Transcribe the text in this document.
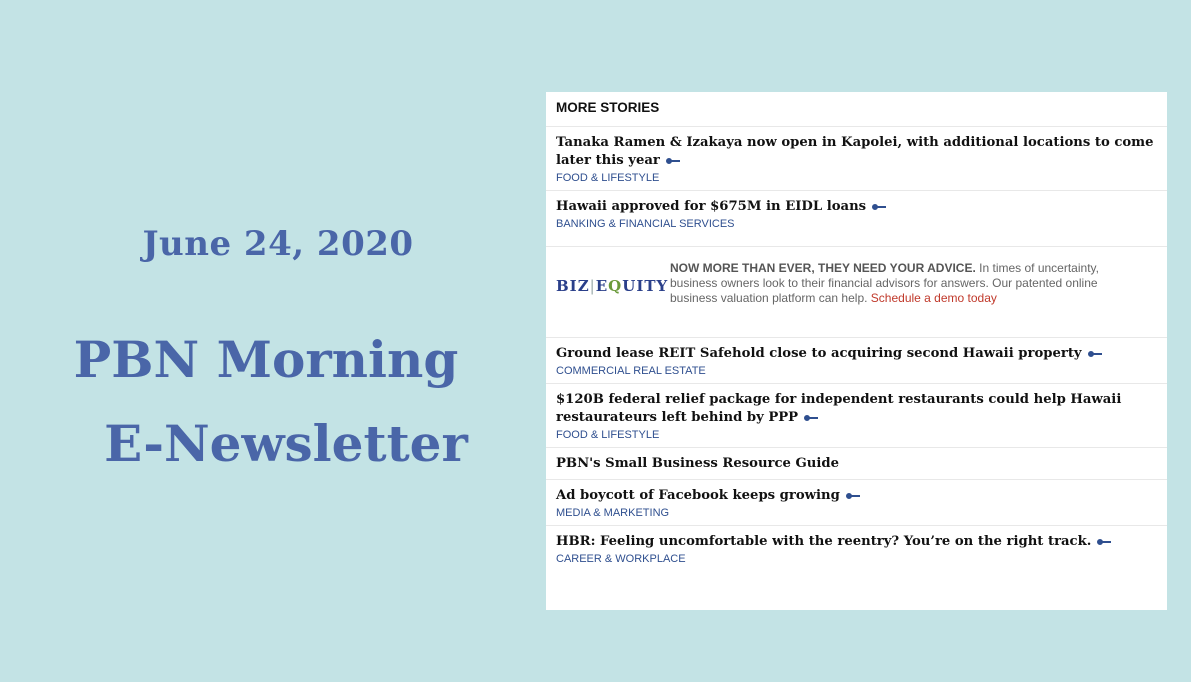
June 24, 2020
PBN Morning
E-Newsletter
MORE STORIES
Tanaka Ramen & Izakaya now open in Kapolei, with additional locations to come later this year
FOOD & LIFESTYLE
Hawaii approved for $675M in EIDL loans
BANKING & FINANCIAL SERVICES
BIZ|EQUITY
NOW MORE THAN EVER, THEY NEED YOUR ADVICE. In times of uncertainty, business owners look to their financial advisors for answers. Our patented online business valuation platform can help. Schedule a demo today
Ground lease REIT Safehold close to acquiring second Hawaii property
COMMERCIAL REAL ESTATE
$120B federal relief package for independent restaurants could help Hawaii restaurateurs left behind by PPP
FOOD & LIFESTYLE
PBN's Small Business Resource Guide
Ad boycott of Facebook keeps growing
MEDIA & MARKETING
HBR: Feeling uncomfortable with the reentry? You’re on the right track.
CAREER & WORKPLACE
